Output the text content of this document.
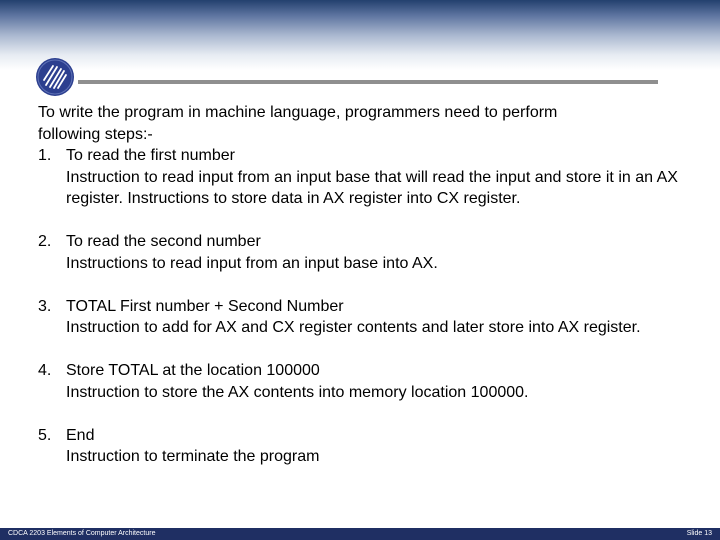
To write the program in machine language, programmers need to perform
following steps:-

1. To read the first number
Instruction to read input from an input base that will read the input and store it in an AX register. Instructions to store data in AX register into CX register.
2. To read the second number
Instructions to read input from an input base into AX.
3. TOTAL First number + Second Number
Instruction to add for AX and CX register contents and later store into AX register.
4. Store TOTAL at the location 100000
Instruction to store the AX contents into memory location 100000.
5. End
Instruction to terminate the program
CDCA 2203 Elements of Computer Architecture	Slide 13
